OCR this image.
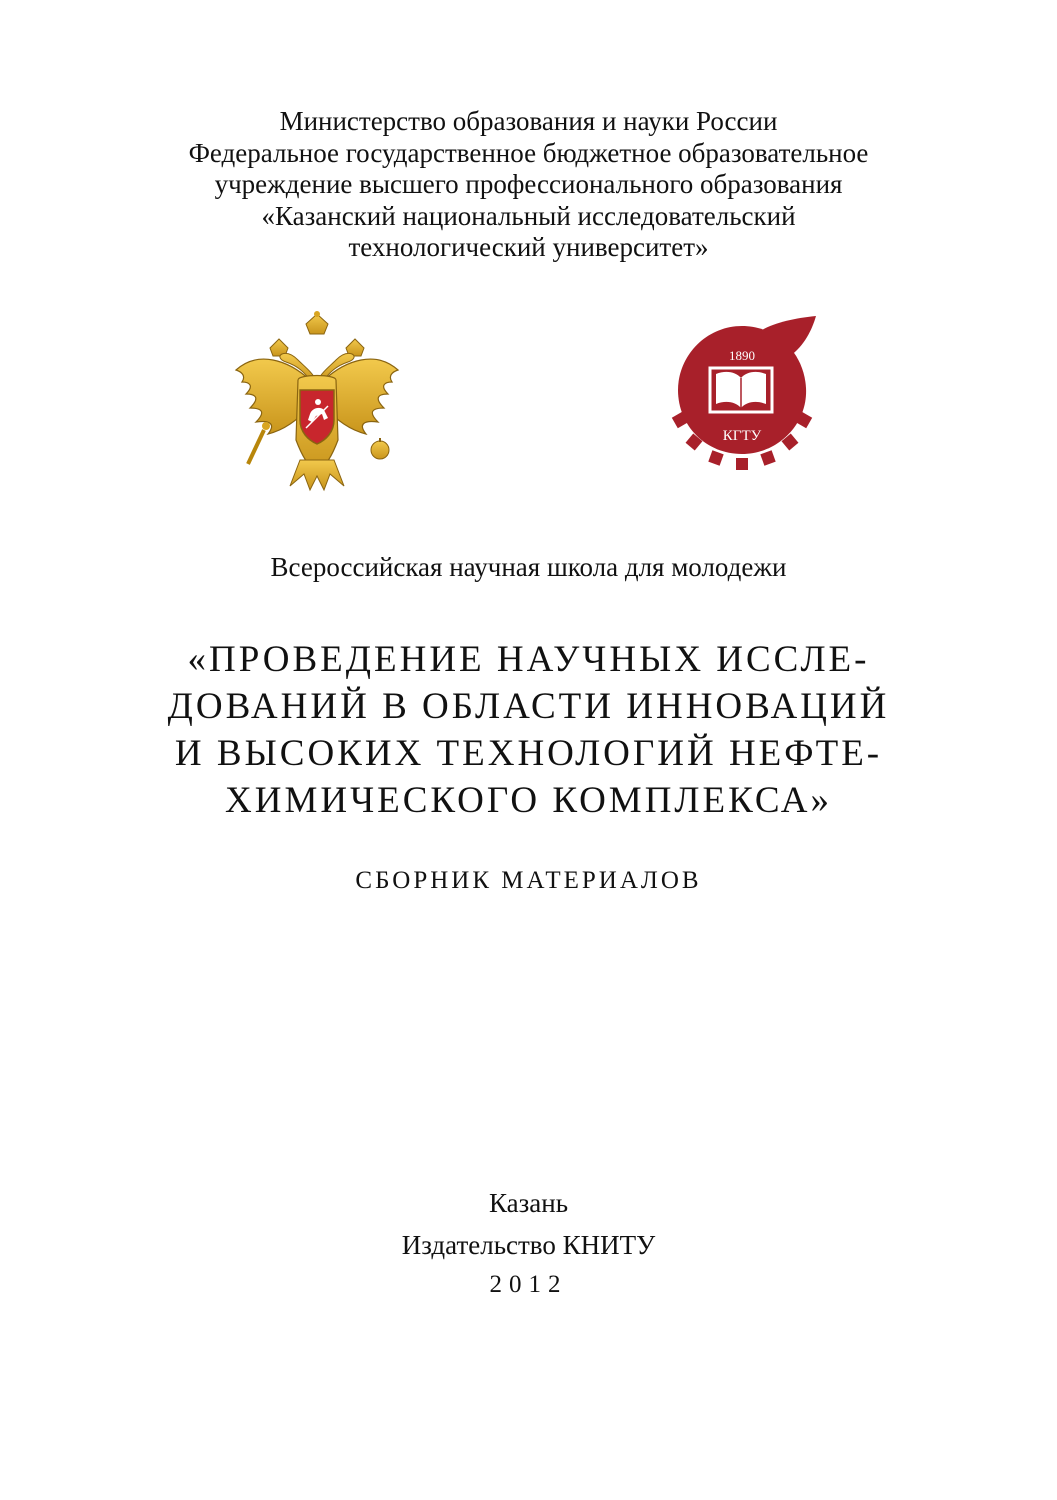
Министерство образования и науки России
Федеральное государственное бюджетное образовательное
учреждение высшего профессионального образования
«Казанский национальный исследовательский
технологический университет»
1890
КГТУ
Всероссийская научная школа для молодежи
«ПРОВЕДЕНИЕ НАУЧНЫХ ИССЛЕ-
ДОВАНИЙ В ОБЛАСТИ ИННОВАЦИЙ
И ВЫСОКИХ ТЕХНОЛОГИЙ НЕФТЕ-
ХИМИЧЕСКОГО КОМПЛЕКСА»
СБОРНИК МАТЕРИАЛОВ
Казань
Издательство КНИТУ
2012
